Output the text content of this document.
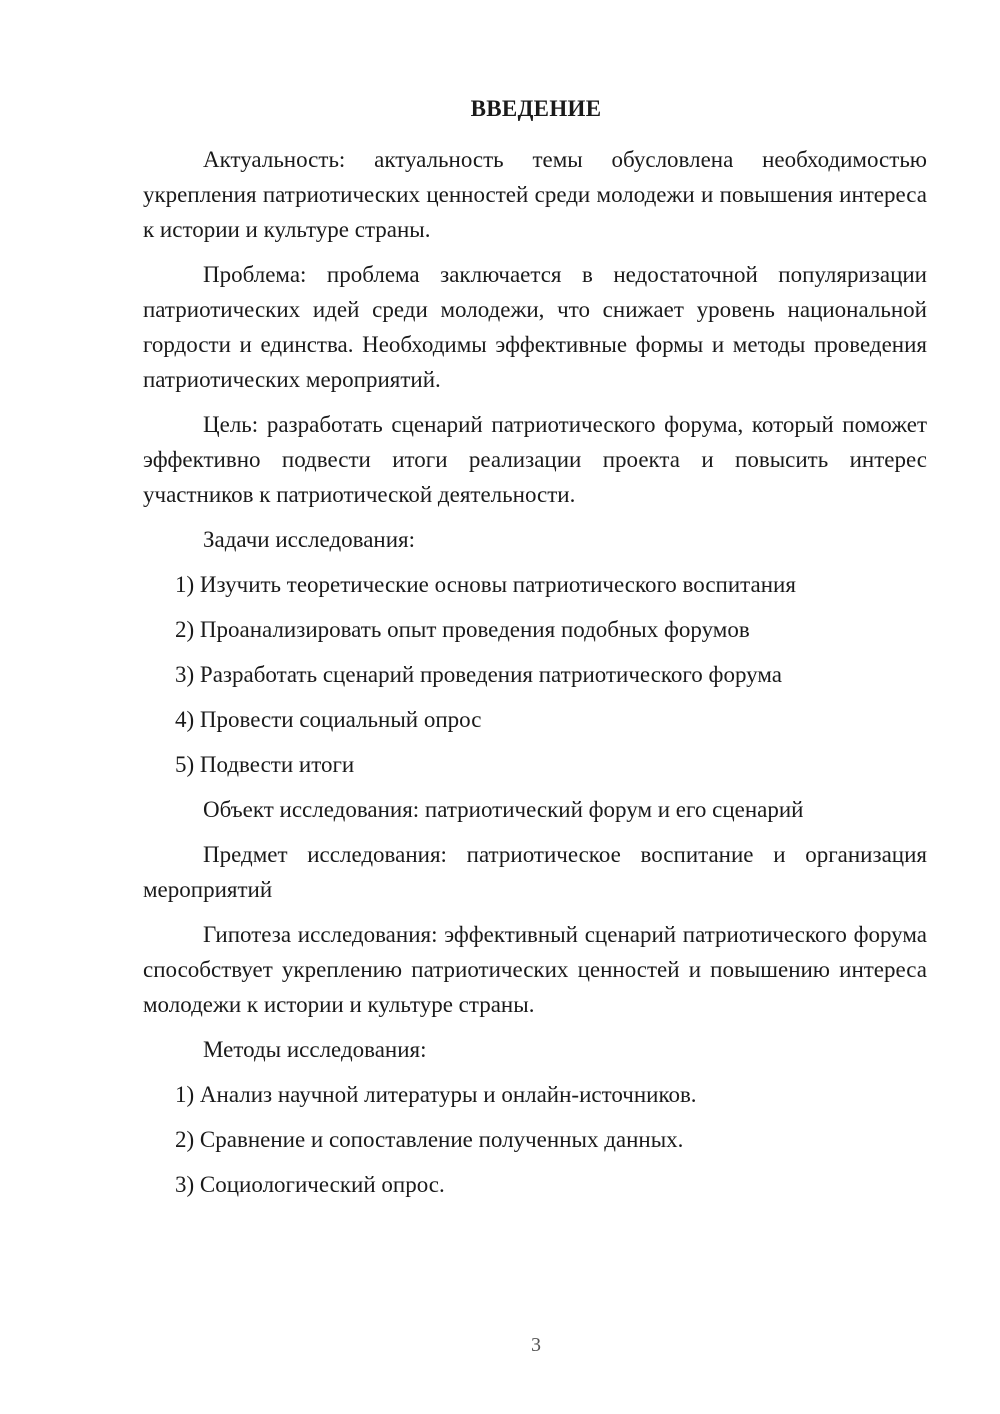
ВВЕДЕНИЕ

Актуальность: актуальность темы обусловлена необходимостью укрепления патриотических ценностей среди молодежи и повышения интереса к истории и культуре страны.

Проблема: проблема заключается в недостаточной популяризации патриотических идей среди молодежи, что снижает уровень национальной гордости и единства. Необходимы эффективные формы и методы проведения патриотических мероприятий.

Цель: разработать сценарий патриотического форума, который поможет эффективно подвести итоги реализации проекта и повысить интерес участников к патриотической деятельности.

Задачи исследования:

1) Изучить теоретические основы патриотического воспитания
2) Проанализировать опыт проведения подобных форумов
3) Разработать сценарий проведения патриотического форума
4) Провести социальный опрос
5) Подвести итоги

Объект исследования: патриотический форум и его сценарий

Предмет исследования: патриотическое воспитание и организация мероприятий

Гипотеза исследования: эффективный сценарий патриотического форума способствует укреплению патриотических ценностей и повышению интереса молодежи к истории и культуре страны.

Методы исследования:

1) Анализ научной литературы и онлайн-источников.
2) Сравнение и сопоставление полученных данных.
3) Социологический опрос.
3
